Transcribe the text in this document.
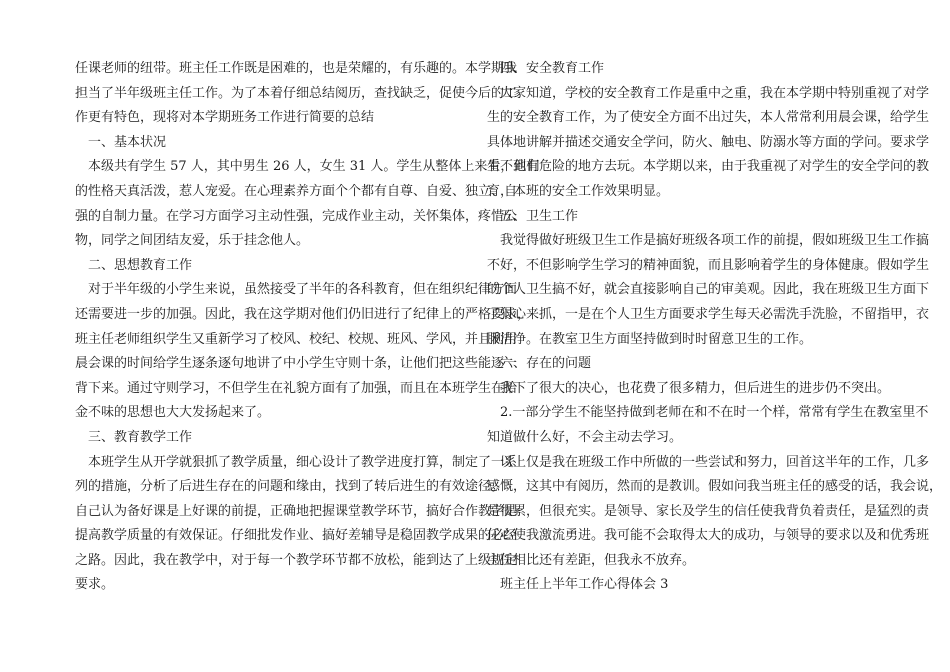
任课老师的纽带。班主任工作既是困难的，也是荣耀的，有乐趣的。本学期我
担当了半年级班主任工作。为了本着仔细总结阅历，查找缺乏，促使今后的工
作更有特色，现将对本学期班务工作进行简要的总结
一、基本状况
本级共有学生 57 人，其中男生 26 人，女生 31 人。学生从整体上来看，他们
的性格天真活泼，惹人宠爱。在心理素养方面个个都有自尊、自爱、独立、自
强的自制力量。在学习方面学习主动性强，完成作业主动，关怀集体，疼惜公
物，同学之间团结友爱，乐于挂念他人。
二、思想教育工作
对于半年级的小学生来说，虽然接受了半年的各科教育，但在组织纪律方面
还需要进一步的加强。因此，我在这学期对他们仍旧进行了纪律上的严格要求，
班主任老师组织学生又重新学习了校风、校纪、校规、班风、学风，并且利用
晨会课的时间给学生逐条逐句地讲了中小学生守则十条，让他们把这些能逐一
背下来。通过守则学习，不但学生在礼貌方面有了加强，而且在本班学生在拾
金不味的思想也大大发扬起来了。
三、教育教学工作
本班学生从开学就狠抓了教学质量，细心设计了教学进度打算，制定了一系
列的措施，分析了后进生存在的问题和缘由，找到了转后进生的有效途径。
自己认为备好课是上好课的前提，正确地把握课堂教学环节，搞好合作教学是
提高教学质量的有效保证。仔细批发作业、搞好差辅导是稳固教学成果的必经
之路。因此，我在教学中，对于每一个教学环节都不放松，能到达了上级规定
要求。
四、安全教育工作
大家知道，学校的安全教育工作是重中之重，我在本学期中特别重视了对学
生的安全教育工作，为了使安全方面不出过失，本人常常利用晨会课，给学生
具体地讲解并描述交通安全学问，防火、触电、防溺水等方面的学问。要求学
生不到有危险的地方去玩。本学期以来，由于我重视了对学生的安全学问的教
育，本班的安全工作效果明显。
五、卫生工作
我觉得做好班级卫生工作是搞好班级各项工作的前提，假如班级卫生工作搞
不好，不但影响学生学习的精神面貌，而且影响着学生的身体健康。假如学生
的个人卫生搞不好，就会直接影响自己的审美观。因此，我在班级卫生方面下
了狠心来抓，一是在个人卫生方面要求学生每天必需洗手洗脸，不留指甲，衣
服洁净。在教室卫生方面坚持做到时时留意卫生的工作。
六、存在的问题
我下了很大的决心，也花费了很多精力，但后进生的进步仍不突出。
2.一部分学生不能坚持做到老师在和不在时一个样，常常有学生在教室里不
知道做什么好，不会主动去学习。
以上仅是我在班级工作中所做的一些尝试和努力，回首这半年的工作，几多
感慨，这其中有阅历，然而的是教训。假如问我当班主任的感受的话，我会说，
是很累，但很充实。是领导、家长及学生的信任使我背负着责任，是猛烈的责
任心使我激流勇进。我可能不会取得太大的成功，与领导的要求以及和优秀班
主任相比还有差距，但我永不放弃。
班主任上半年工作心得体会 3
